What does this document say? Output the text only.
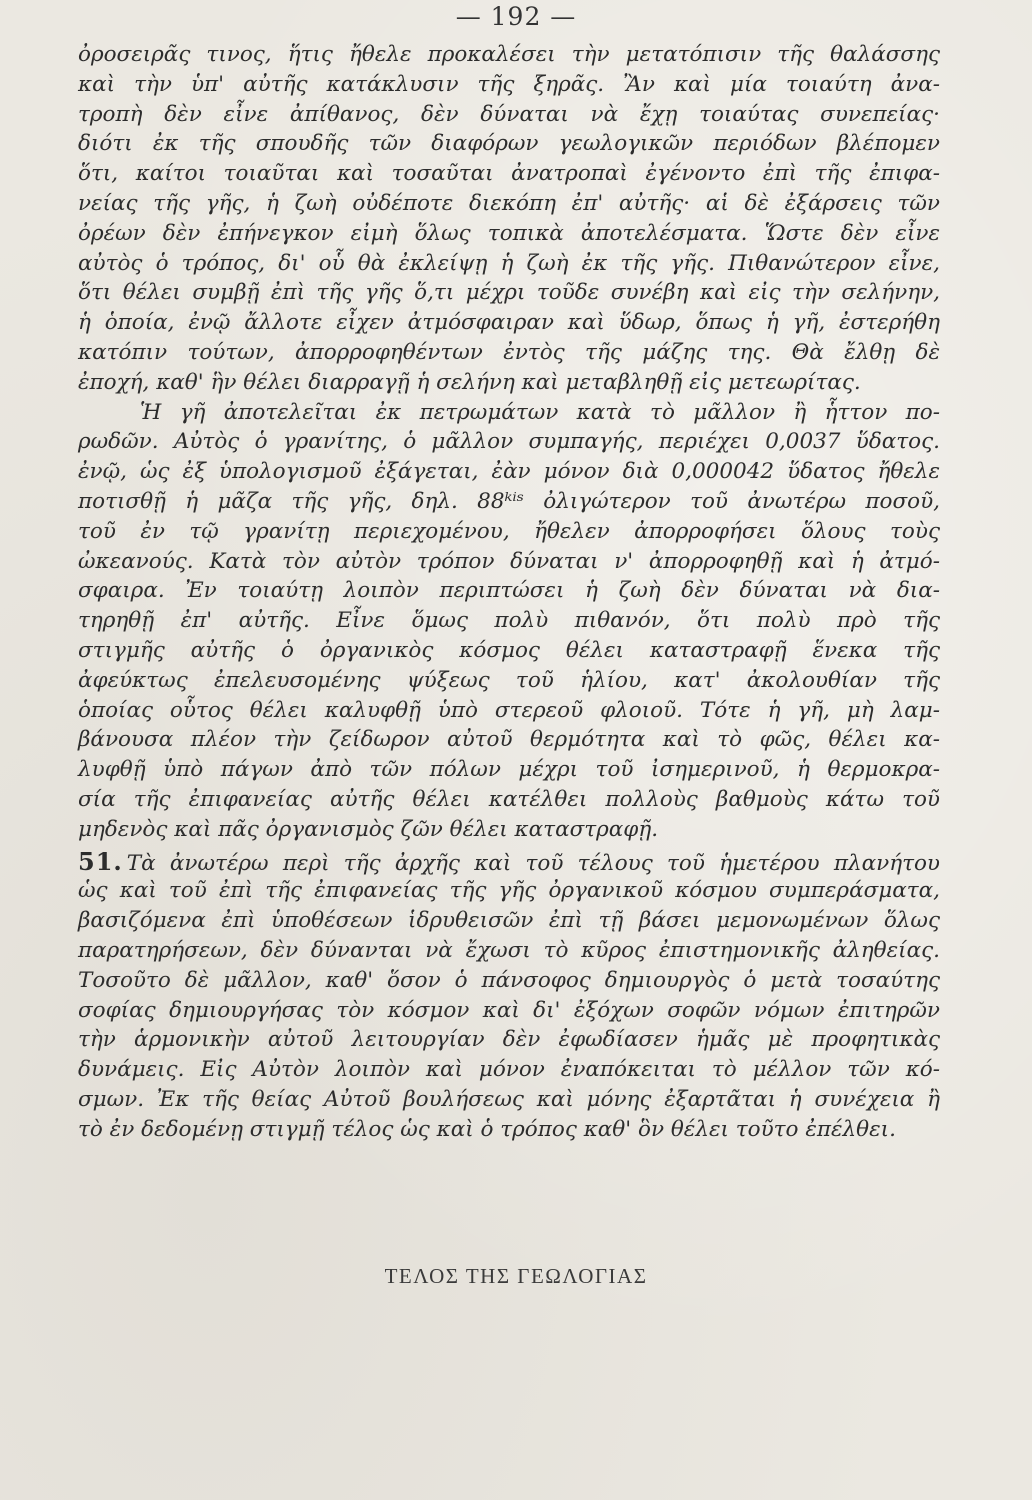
— 192 —
ὀροσειρᾶς τινος, ἥτις ἤθελε προκαλέσει τὴν μετατόπισιν τῆς θαλάσσης
καὶ τὴν ὑπ' αὐτῆς κατάκλυσιν τῆς ξηρᾶς. Ἂν καὶ μία τοιαύτη ἀνα-
τροπὴ δὲν εἶνε ἀπίθανος, δὲν δύναται νὰ ἔχῃ τοιαύτας συνεπείας·
διότι ἐκ τῆς σπουδῆς τῶν διαφόρων γεωλογικῶν περιόδων βλέπομεν
ὅτι, καίτοι τοιαῦται καὶ τοσαῦται ἀνατροπαὶ ἐγένοντο ἐπὶ τῆς ἐπιφα-
νείας τῆς γῆς, ἡ ζωὴ οὐδέποτε διεκόπη ἐπ' αὐτῆς· αἱ δὲ ἐξάρσεις τῶν
ὀρέων δὲν ἐπήνεγκον εἰμὴ ὅλως τοπικὰ ἀποτελέσματα. Ὥστε δὲν εἶνε
αὐτὸς ὁ τρόπος, δι' οὗ θὰ ἐκλείψῃ ἡ ζωὴ ἐκ τῆς γῆς. Πιθανώτερον εἶνε,
ὅτι θέλει συμβῇ ἐπὶ τῆς γῆς ὅ,τι μέχρι τοῦδε συνέβη καὶ εἰς τὴν σελήνην,
ἡ ὁποία, ἐνῷ ἄλλοτε εἶχεν ἀτμόσφαιραν καὶ ὕδωρ, ὅπως ἡ γῆ, ἐστερήθη
κατόπιν τούτων, ἀπορροφηθέντων ἐντὸς τῆς μάζης της. Θὰ ἔλθῃ δὲ
ἐποχή, καθ' ἣν θέλει διαρραγῇ ἡ σελήνη καὶ μεταβληθῇ εἰς μετεωρίτας.
Ἡ γῆ ἀποτελεῖται ἐκ πετρωμάτων κατὰ τὸ μᾶλλον ἢ ἧττον πο-
ρωδῶν. Αὐτὸς ὁ γρανίτης, ὁ μᾶλλον συμπαγής, περιέχει 0,0037 ὕδατος.
ἐνῷ, ὡς ἐξ ὑπολογισμοῦ ἐξάγεται, ἐὰν μόνον διὰ 0,000042 ὕδατος ἤθελε
ποτισθῇ ἡ μᾶζα τῆς γῆς, δηλ. 88ᵏⁱˢ ὀλιγώτερον τοῦ ἀνωτέρω ποσοῦ,
τοῦ ἐν τῷ γρανίτῃ περιεχομένου, ἤθελεν ἀπορροφήσει ὅλους τοὺς
ὠκεανούς. Κατὰ τὸν αὐτὸν τρόπον δύναται ν' ἀπορροφηθῇ καὶ ἡ ἀτμό-
σφαιρα. Ἐν τοιαύτῃ λοιπὸν περιπτώσει ἡ ζωὴ δὲν δύναται νὰ δια-
τηρηθῇ ἐπ' αὐτῆς. Εἶνε ὅμως πολὺ πιθανόν, ὅτι πολὺ πρὸ τῆς
στιγμῆς αὐτῆς ὁ ὀργανικὸς κόσμος θέλει καταστραφῇ ἕνεκα τῆς
ἀφεύκτως ἐπελευσομένης ψύξεως τοῦ ἡλίου, κατ' ἀκολουθίαν τῆς
ὁποίας οὗτος θέλει καλυφθῇ ὑπὸ στερεοῦ φλοιοῦ. Τότε ἡ γῆ, μὴ λαμ-
βάνουσα πλέον τὴν ζείδωρον αὐτοῦ θερμότητα καὶ τὸ φῶς, θέλει κα-
λυφθῇ ὑπὸ πάγων ἀπὸ τῶν πόλων μέχρι τοῦ ἰσημερινοῦ, ἡ θερμοκρα-
σία τῆς ἐπιφανείας αὐτῆς θέλει κατέλθει πολλοὺς βαθμοὺς κάτω τοῦ
μηδενὸς καὶ πᾶς ὀργανισμὸς ζῶν θέλει καταστραφῇ.
51. Τὰ ἀνωτέρω περὶ τῆς ἀρχῆς καὶ τοῦ τέλους τοῦ ἡμετέρου πλανήτου
ὡς καὶ τοῦ ἐπὶ τῆς ἐπιφανείας τῆς γῆς ὀργανικοῦ κόσμου συμπεράσματα,
βασιζόμενα ἐπὶ ὑποθέσεων ἱδρυθεισῶν ἐπὶ τῇ βάσει μεμονωμένων ὅλως
παρατηρήσεων, δὲν δύνανται νὰ ἔχωσι τὸ κῦρος ἐπιστημονικῆς ἀληθείας.
Τοσοῦτο δὲ μᾶλλον, καθ' ὅσον ὁ πάνσοφος δημιουργὸς ὁ μετὰ τοσαύτης
σοφίας δημιουργήσας τὸν κόσμον καὶ δι' ἐξόχων σοφῶν νόμων ἐπιτηρῶν
τὴν ἁρμονικὴν αὐτοῦ λειτουργίαν δὲν ἐφωδίασεν ἡμᾶς μὲ προφητικὰς
δυνάμεις. Εἰς Αὐτὸν λοιπὸν καὶ μόνον ἐναπόκειται τὸ μέλλον τῶν κό-
σμων. Ἐκ τῆς θείας Αὐτοῦ βουλήσεως καὶ μόνης ἐξαρτᾶται ἡ συνέχεια ἢ
τὸ ἐν δεδομένῃ στιγμῇ τέλος ὡς καὶ ὁ τρόπος καθ' ὃν θέλει τοῦτο ἐπέλθει.
ΤΕΛΟΣ ΤΗΣ ΓΕΩΛΟΓΙΑΣ
